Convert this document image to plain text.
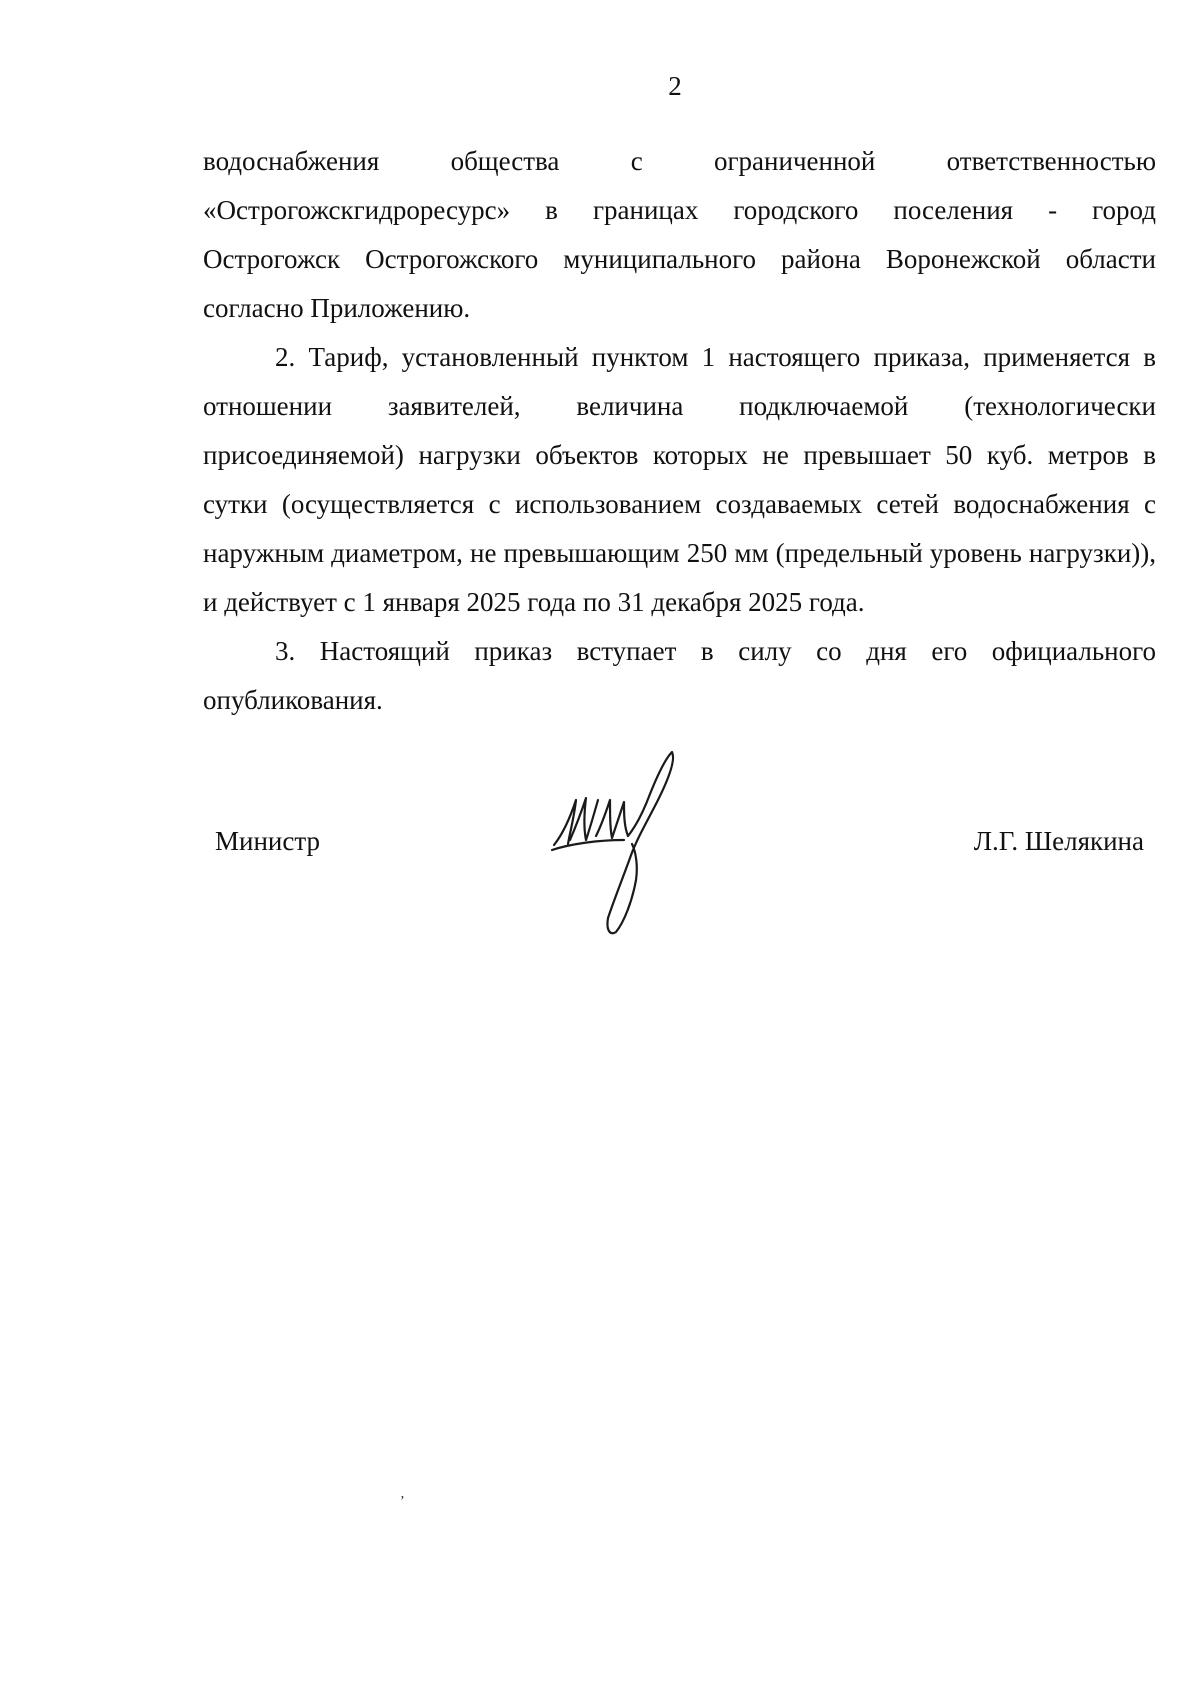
2

водоснабжения общества с ограниченной ответственностью
«Острогожскгидроресурс» в границах городского поселения - город
Острогожск Острогожского муниципального района Воронежской области
согласно Приложению.

2. Тариф, установленный пунктом 1 настоящего приказа, применяется в отношении заявителей, величина подключаемой (технологически присоединяемой) нагрузки объектов которых не превышает 50 куб. метров в сутки (осуществляется с использованием создаваемых сетей водоснабжения с наружным диаметром, не превышающим 250 мм (предельный уровень нагрузки)), и действует с 1 января 2025 года по 31 декабря 2025 года.

3. Настоящий приказ вступает в силу со дня его официального опубликования.

Министр	Л.Г. Шелякина
ʼ
